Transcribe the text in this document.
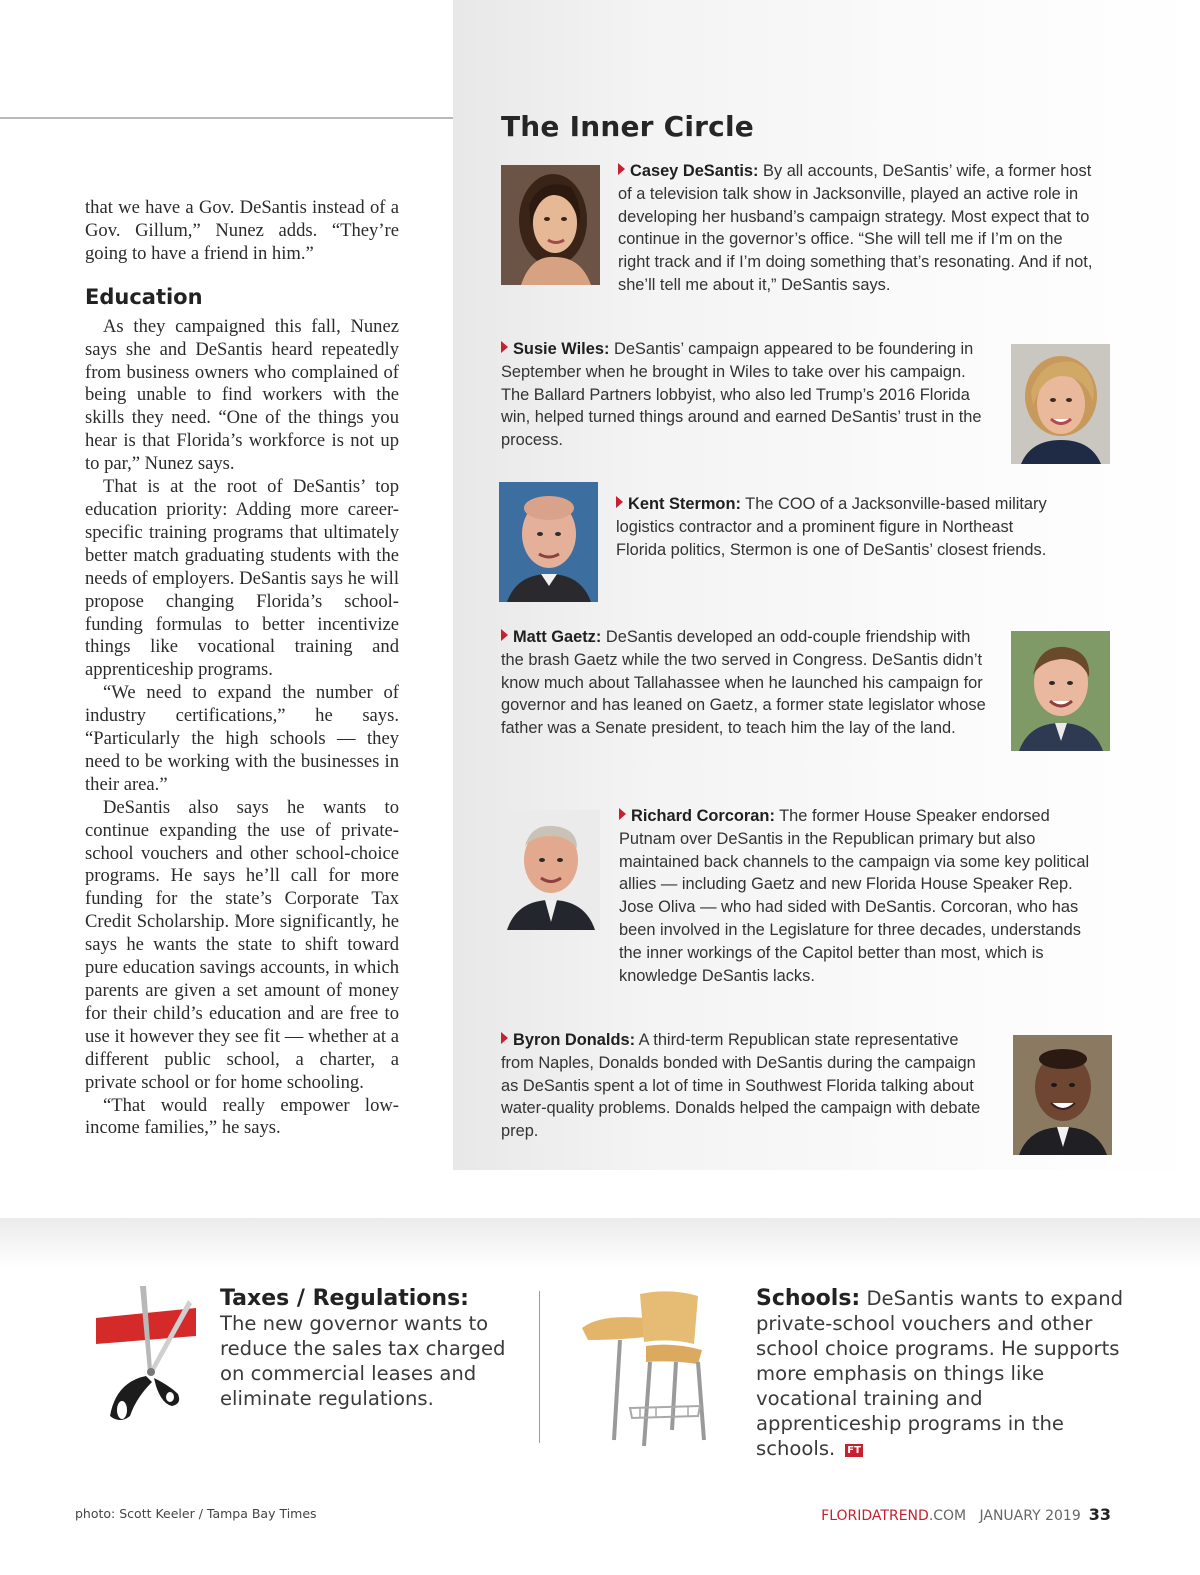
that we have a Gov. DeSantis instead of a Gov. Gillum,” Nunez adds. “They’re going to have a friend in him.”

Education

As they campaigned this fall, Nunez says she and DeSantis heard repeatedly from business owners who complained of being unable to find workers with the skills they need. “One of the things you hear is that Florida’s workforce is not up to par,” Nunez says.

That is at the root of DeSantis’ top education priority: Adding more career-specific training programs that ultimately better match graduating students with the needs of employers. DeSantis says he will propose changing Florida’s school-funding formulas to better incentivize things like vocational training and apprenticeship programs.

“We need to expand the number of industry certifications,” he says. “Particularly the high schools — they need to be working with the businesses in their area.”

DeSantis also says he wants to continue expanding the use of private-school vouchers and other school-choice programs. He says he’ll call for more funding for the state’s Corporate Tax Credit Scholarship. More significantly, he says he wants the state to shift toward pure education savings accounts, in which parents are given a set amount of money for their child’s education and are free to use it however they see fit — whether at a different public school, a charter, a private school or for home schooling.

“That would really empower low-income families,” he says.

The Inner Circle
Casey DeSantis: By all accounts, DeSantis’ wife, a former host of a television talk show in Jacksonville, played an active role in developing her husband’s campaign strategy. Most expect that to continue in the governor’s office. “She will tell me if I’m on the right track and if I’m doing something that’s resonating. And if not, she’ll tell me about it,” DeSantis says.
Susie Wiles: DeSantis’ campaign appeared to be foundering in September when he brought in Wiles to take over his campaign. The Ballard Partners lobbyist, who also led Trump’s 2016 Florida win, helped turned things around and earned DeSantis’ trust in the process.
Kent Stermon: The COO of a Jacksonville-based military logistics contractor and a prominent figure in Northeast Florida politics, Stermon is one of DeSantis’ closest friends.
Matt Gaetz: DeSantis developed an odd-couple friendship with the brash Gaetz while the two served in Congress. DeSantis didn’t know much about Tallahassee when he launched his campaign for governor and has leaned on Gaetz, a former state legislator whose father was a Senate president, to teach him the lay of the land.
Richard Corcoran: The former House Speaker endorsed Putnam over DeSantis in the Republican primary but also maintained back channels to the campaign via some key political allies — including Gaetz and new Florida House Speaker Rep. Jose Oliva — who had sided with DeSantis. Corcoran, who has been involved in the Legislature for three decades, understands the inner workings of the Capitol better than most, which is knowledge DeSantis lacks.
Byron Donalds: A third-term Republican state representative from Naples, Donalds bonded with DeSantis during the campaign as DeSantis spent a lot of time in Southwest Florida talking about water-quality problems. Donalds helped the campaign with debate prep.
Taxes / Regulations:
The new governor wants to reduce the sales tax charged on commercial leases and eliminate regulations.
Schools: DeSantis wants to expand private-school vouchers and other school choice programs. He supports more emphasis on things like vocational training and apprenticeship programs in the schools. FT
photo: Scott Keeler / Tampa Bay Times	FLORIDATREND.COM JANUARY 2019 33
